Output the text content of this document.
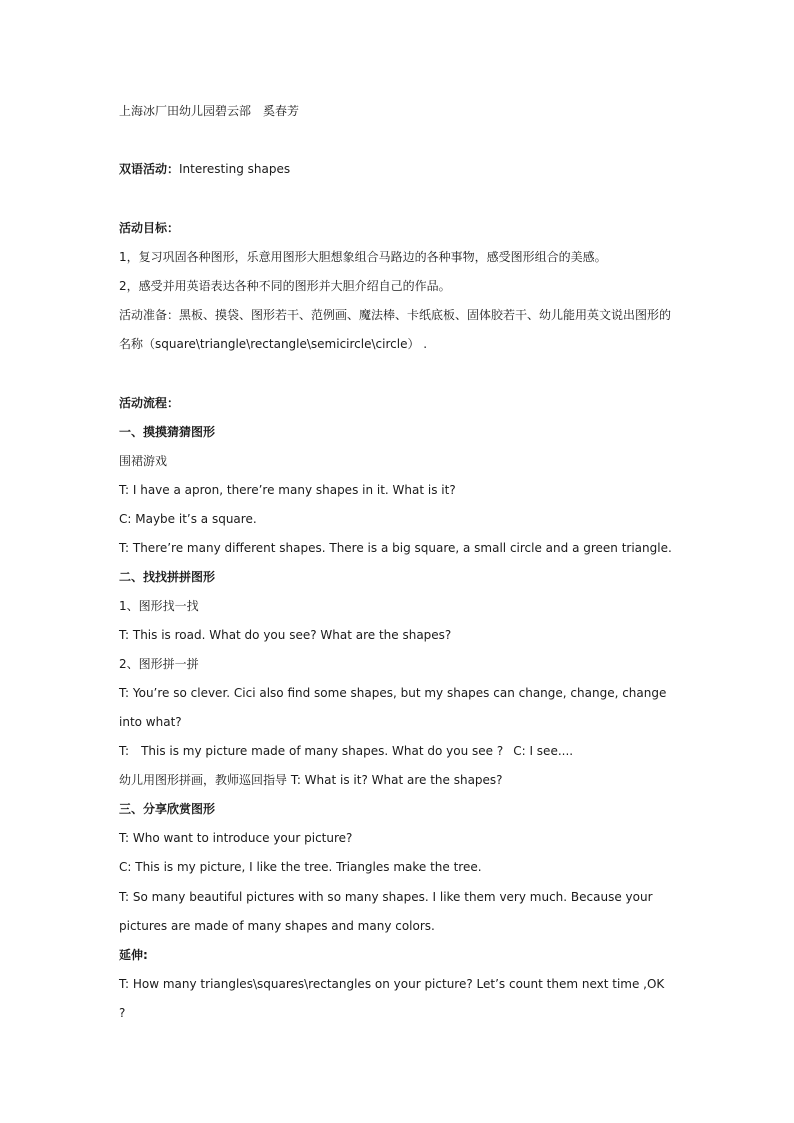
上海冰厂田幼儿园碧云部 奚春芳
双语活动：Interesting shapes
活动目标：
1，复习巩固各种图形，乐意用图形大胆想象组合马路边的各种事物，感受图形组合的美感。
2，感受并用英语表达各种不同的图形并大胆介绍自己的作品。
活动准备：黑板、摸袋、图形若干、范例画、魔法棒、卡纸底板、固体胶若干、幼儿能用英文说出图形的
名称（square\triangle\rectangle\semicircle\circle） .
活动流程：
一、摸摸猜猜图形
围裙游戏
T: I have a apron, there’re many shapes in it. What is it?
C: Maybe it’s a square.
T: There’re many different shapes. There is a big square, a small circle and a green triangle.
二、找找拼拼图形
1、图形找一找
T: This is road. What do you see? What are the shapes?
2、图形拼一拼
T: You’re so clever. Cici also find some shapes, but my shapes can change, change, change
into what?
T: This is my picture made of many shapes. What do you see ? C: I see....
幼儿用图形拼画，教师巡回指导 T: What is it? What are the shapes?
三、分享欣赏图形
T: Who want to introduce your picture?
C: This is my picture, I like the tree. Triangles make the tree.
T: So many beautiful pictures with so many shapes. I like them very much. Because your
pictures are made of many shapes and many colors.
延伸:
T: How many triangles\squares\rectangles on your picture? Let’s count them next time ,OK
?
